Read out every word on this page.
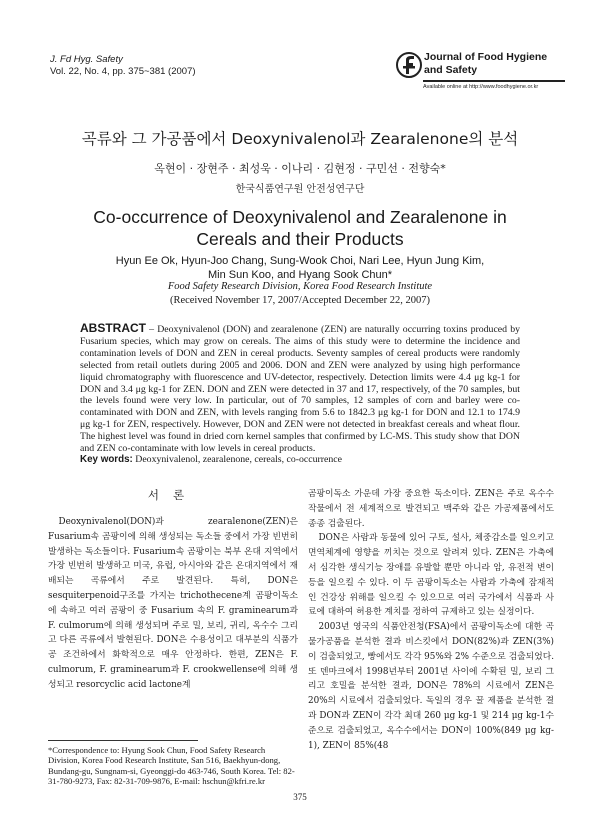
J. Fd Hyg. Safety
Vol. 22, No. 4, pp. 375~381 (2007)
Journal of Food Hygiene
and Safety
Available online at http://www.foodhygiene.or.kr
곡류와 그 가공품에서 Deoxynivalenol과 Zearalenone의 분석
옥현이 · 장현주 · 최성욱 · 이나리 · 김현정 · 구민선 · 전향숙*
한국식품연구원 안전성연구단
Co-occurrence of Deoxynivalenol and Zearalenone in
Cereals and their Products
Hyun Ee Ok, Hyun-Joo Chang, Sung-Wook Choi, Nari Lee, Hyun Jung Kim,
Min Sun Koo, and Hyang Sook Chun*
Food Safety Research Division, Korea Food Research Institute
(Received November 17, 2007/Accepted December 22, 2007)
ABSTRACT – Deoxynivalenol (DON) and zearalenone (ZEN) are naturally occurring toxins produced by Fusarium species, which may grow on cereals. The aims of this study were to determine the incidence and contamination levels of DON and ZEN in cereal products. Seventy samples of cereal products were randomly selected from retail outlets during 2005 and 2006. DON and ZEN were analyzed by using high performance liquid chromatography with fluorescence and UV-detector, respectively. Detection limits were 4.4 μg kg-1 for DON and 3.4 μg kg-1 for ZEN. DON and ZEN were detected in 37 and 17, respectively, of the 70 samples, but the levels found were very low. In particular, out of 70 samples, 12 samples of corn and barley were co-contaminated with DON and ZEN, with levels ranging from 5.6 to 1842.3 μg kg-1 for DON and 12.1 to 174.9 μg kg-1 for ZEN, respectively. However, DON and ZEN were not detected in breakfast cereals and wheat flour. The highest level was found in dried corn kernel samples that confirmed by LC-MS. This study show that DON and ZEN co-contaminate with low levels in cereal products.
Key words: Deoxynivalenol, zearalenone, cereals, co-occurrence
서론

Deoxynivalenol(DON)과 zearalenone(ZEN)은 Fusarium속 곰팡이에 의해 생성되는 독소들 중에서 가장 빈번히 발생하는 독소들이다. Fusarium속 곰팡이는 북부 온대 지역에서 가장 빈번히 발생하고 미국, 유럽, 아시아와 같은 온대지역에서 재배되는 곡류에서 주로 발견된다. 특히, DON은 sesquiterpenoid구조를 가지는 trichothecene계 곰팡이독소에 속하고 여러 곰팡이 중 Fusarium 속의 F. graminearum과 F. culmorum에 의해 생성되며 주로 밀, 보리, 귀리, 옥수수 그리고 다른 곡류에서 발현된다. DON은 수용성이고 대부분의 식품가공 조건하에서 화학적으로 매우 안정하다. 한편, ZEN은 F. culmorum, F. graminearum과 F. crookwellense에 의해 생성되고 resorcyclic acid lactone계

곰팡이독소 가운데 가장 중요한 독소이다. ZEN은 주로 옥수수 작물에서 전 세계적으로 발견되고 맥주와 같은 가공제품에서도 종종 검출된다.

DON은 사람과 동물에 있어 구토, 설사, 체중감소를 일으키고 면역체계에 영향을 끼치는 것으로 알려져 있다. ZEN은 가축에서 심각한 생식기능 장애를 유발할 뿐만 아니라 암, 유전적 변이 등을 일으킬 수 있다. 이 두 곰팡이독소는 사람과 가축에 잠재적인 건강상 위해를 일으킬 수 있으므로 여러 국가에서 식품과 사료에 대하여 허용한 계치를 정하여 규제하고 있는 실정이다.

2003년 영국의 식품안전청(FSA)에서 곰팡이독소에 대한 곡물가공품을 분석한 결과 비스킷에서 DON(82%)과 ZEN(3%)이 검출되었고, 빵에서도 각각 95%와 2% 수준으로 검출되었다. 또 덴마크에서 1998년부터 2001년 사이에 수확된 밀, 보리 그리고 호밀을 분석한 결과, DON은 78%의 시료에서 ZEN은 20%의 시료에서 검출되었다. 독일의 경우 꿀 제품을 분석한 결과 DON과 ZEN이 각각 최대 260 μg kg-1 및 214 μg kg-1수준으로 검출되었고, 옥수수에서는 DON이 100%(849 μg kg-1), ZEN이 85%(48

*Correspondence to: Hyung Sook Chun, Food Safety Research Division, Korea Food Research Institute, San 516, Baekhyun-dong, Bundang-gu, Sungnam-si, Gyeonggi-do 463-746, South Korea. Tel: 82-31-780-9273, Fax: 82-31-709-9876, E-mail: hschun@kfri.re.kr
375
